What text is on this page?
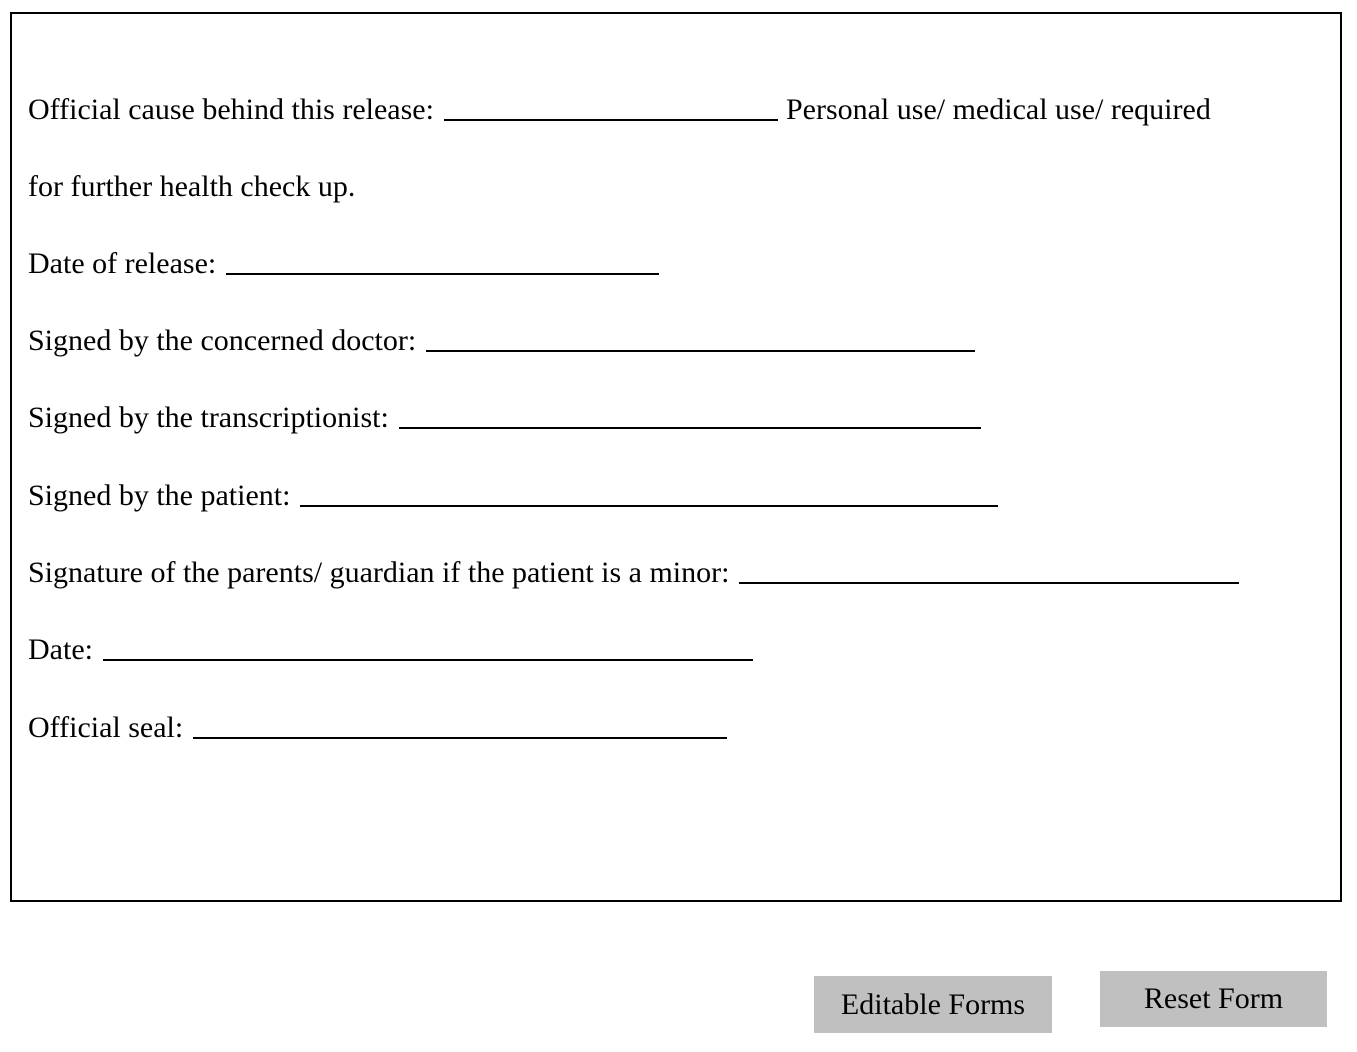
Official cause behind this release:	Personal use/ medical use/ required
for further health check up.
Date of release:
Signed by the concerned doctor:
Signed by the transcriptionist:
Signed by the patient:
Signature of the parents/ guardian if the patient is a minor:
Date:
Official seal:
Editable Forms	Reset Form
